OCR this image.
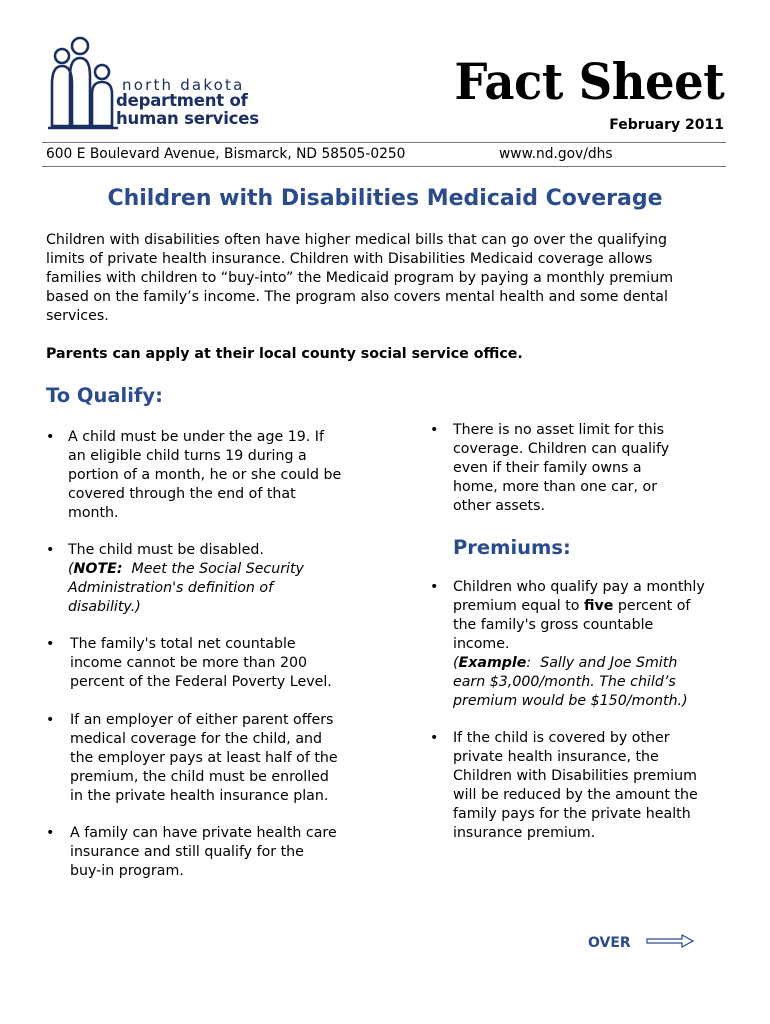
north dakota
department of
human services
Fact Sheet
February 2011
600 E Boulevard Avenue, Bismarck, ND 58505-0250	www.nd.gov/dhs
Children with Disabilities Medicaid Coverage

Children with disabilities often have higher medical bills that can go over the qualifying

limits of private health insurance. Children with Disabilities Medicaid coverage allows

families with children to “buy-into” the Medicaid program by paying a monthly premium

based on the family’s income. The program also covers mental health and some dental

services.

Parents can apply at their local county social service office.

To Qualify:
• A child must be under the age 19. If
an eligible child turns 19 during a
portion of a month, he or she could be
covered through the end of that
month.
• The child must be disabled.
(NOTE:  Meet the Social Security
Administration's definition of
disability.)
• The family's total net countable
income cannot be more than 200
percent of the Federal Poverty Level.
• If an employer of either parent offers
medical coverage for the child, and
the employer pays at least half of the
premium, the child must be enrolled
in the private health insurance plan.
• A family can have private health care
insurance and still qualify for the
buy-in program.
• There is no asset limit for this
coverage. Children can qualify
even if their family owns a
home, more than one car, or
other assets.
Premiums:
• Children who qualify pay a monthly
premium equal to five percent of
the family's gross countable
income.
(Example:  Sally and Joe Smith
earn $3,000/month. The child’s
premium would be $150/month.)
• If the child is covered by other
private health insurance, the
Children with Disabilities premium
will be reduced by the amount the
family pays for the private health
insurance premium.
OVER
